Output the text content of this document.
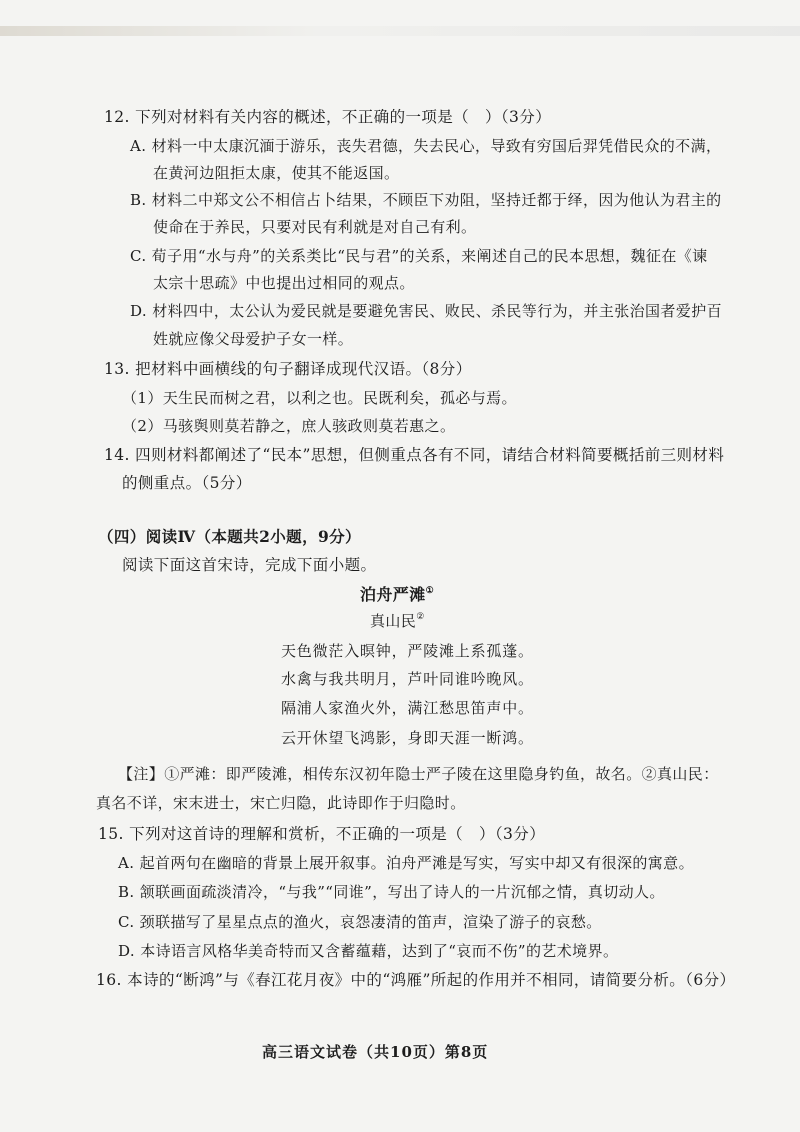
12. 下列对材料有关内容的概述，不正确的一项是（　）（3分）
A. 材料一中太康沉湎于游乐，丧失君德，失去民心，导致有穷国后羿凭借民众的不满，
在黄河边阻拒太康，使其不能返国。
B. 材料二中郑文公不相信占卜结果，不顾臣下劝阻，坚持迁都于绎，因为他认为君主的
使命在于养民，只要对民有利就是对自己有利。
C. 荀子用“水与舟”的关系类比“民与君”的关系，来阐述自己的民本思想，魏征在《谏
太宗十思疏》中也提出过相同的观点。
D. 材料四中，太公认为爱民就是要避免害民、败民、杀民等行为，并主张治国者爱护百
姓就应像父母爱护子女一样。
13. 把材料中画横线的句子翻译成现代汉语。（8分）
（1）天生民而树之君，以利之也。民既利矣，孤必与焉。
（2）马骇舆则莫若静之，庶人骇政则莫若惠之。
14. 四则材料都阐述了“民本”思想，但侧重点各有不同，请结合材料简要概括前三则材料
的侧重点。（5分）
（四）阅读Ⅳ（本题共2小题，9分）
阅读下面这首宋诗，完成下面小题。
泊舟严滩①
真山民②
天色微茫入暝钟，严陵滩上系孤蓬。
水禽与我共明月，芦叶同谁吟晚风。
隔浦人家渔火外，满江愁思笛声中。
云开休望飞鸿影，身即天涯一断鸿。
【注】①严滩：即严陵滩，相传东汉初年隐士严子陵在这里隐身钓鱼，故名。②真山民：
真名不详，宋末进士，宋亡归隐，此诗即作于归隐时。
15. 下列对这首诗的理解和赏析，不正确的一项是（　）（3分）
A. 起首两句在幽暗的背景上展开叙事。泊舟严滩是写实，写实中却又有很深的寓意。
B. 颔联画面疏淡清冷，“与我”“同谁”，写出了诗人的一片沉郁之情，真切动人。
C. 颈联描写了星星点点的渔火，哀怨凄清的笛声，渲染了游子的哀愁。
D. 本诗语言风格华美奇特而又含蓄蕴藉，达到了“哀而不伤”的艺术境界。
16. 本诗的“断鸿”与《春江花月夜》中的“鸿雁”所起的作用并不相同，请简要分析。（6分）
高三语文试卷（共10页）第8页
